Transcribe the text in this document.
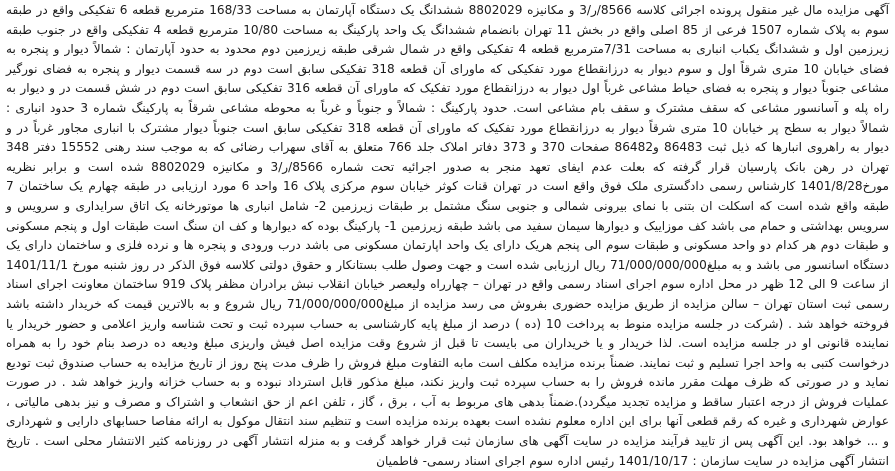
آگهی مزایده مال غیر منقول پرونده اجرائی کلاسه 8566/ر/3 و مکانیزه 8802029 ششدانگ یک دستگاه آپارتمان به مساحت 168/33 مترمربع قطعه 6 تفکیکی واقع در طبقه سوم به پلاک شماره 1507 فرعی از 85 اصلی واقع در بخش 11 تهران بانضمام ششدانگ یک واحد پارکینگ به مساحت 10/80 مترمربع قطعه 4 تفکیکی واقع در جنوب طبقه زیرزمین اول و ششدانگ یکباب انباری به مساحت 7/31مترمربع قطعه 4 تفکیکی واقع در شمال شرقی طبقه زیرزمین دوم محدود به حدود آپارتمان : شمالاً دیوار و پنجره به فضای خیابان 10 متری شرقاً اول و سوم دیوار به درزانقطاع مورد تفکیکی که ماورای آن قطعه 318 تفکیکی سابق است دوم در سه قسمت دیوار و پنجره به فضای نورگیر مشاعی جنوباً دیوار و پنجره به فضای حیاط مشاعی غرباً اول دیوار به درزانقطاع مورد تفکیک که ماورای آن قطعه 316 تفکیکی سابق است دوم در شش قسمت در و دیوار به راه پله و آسانسور مشاعی که سقف مشترک و سقف بام مشاعی است. حدود پارکینگ : شمالاً و جنوباً و غرباً به محوطه مشاعی شرقاً به پارکینگ شماره 3 حدود انباری : شمالاً دیوار به سطح پر خیابان 10 متری شرقاً دیوار به درزانقطاع مورد تفکیک که ماورای آن قطعه 318 تفکیکی سابق است جنوباً دیوار مشترک با انباری مجاور غرباً در و دیوار به راهروی انبارها که ذیل ثبت 86483 و86482 صفحات 370 و 373 دفاتر املاک جلد 766 متعلق به آقای سهراب رضائی که به موجب سند رهنی 15552 دفتر 348 تهران در رهن بانک پارسیان قرار گرفته که بعلت عدم ایفای تعهد منجر به صدور اجرائیه تحت شماره 8566/ر/3 و مکانیزه 8802029 شده است و برابر نظریه مورخ1401/8/28 کارشناس رسمی دادگستری ملک فوق واقع است در تهران قنات کوثر خیابان سوم مرکزی پلاک 16 واحد 6 مورد ارزیابی در طبقه چهارم یک ساختمان 7 طبقه واقع شده است که اسکلت ان بتنی با نمای بیرونی شمالی و جنوبی سنگ مشتمل بر طبقات زیرزمین 2- شامل انباری ها موتورخانه یک اتاق سرایداری و سرویس و سرویس بهداشتی و حمام می باشد کف موزاییک و دیوارها سیمان سفید می باشد طبقه زیرزمین 1- پارکینگ بوده که دیوارها و کف ان سنگ است طبقات اول و پنجم مسکونی و طبقات دوم هر کدام دو واحد مسکونی و طبقات سوم الی پنجم هریک دارای یک واحد اپارتمان مسکونی می باشد درب ورودی و پنجره ها و نرده فلزی و ساختمان دارای یک دستگاه اسانسور می باشد و به مبلغ71/000/000/000 ریال ارزیابی شده است و جهت وصول طلب بستانکار و حقوق دولتی کلاسه فوق الذکر در روز شنبه مورخ 1401/11/1 از ساعت 9 الی 12 ظهر در محل اداره سوم اجرای اسناد رسمی واقع در تهران – چهارراه ولیعصر خیابان انقلاب نبش برادران مظفر پلاک 919 ساختمان معاونت اجرای اسناد رسمی ثبت استان تهران – سالن مزایده از طریق مزایده حضوری بفروش می رسد مزایده از مبلغ71/000/000/000 ریال شروع و به بالاترین قیمت که خریدار داشته باشد فروخته خواهد شد . (شرکت در جلسه مزایده منوط به پرداخت 10 (ده ) درصد از مبلغ پایه کارشناسی به حساب سپرده ثبت و تحت شناسه واریز اعلامی و حضور خریدار یا نماینده قانونی او در جلسه مزایده است. لذا خریدار و یا خریداران می بایست تا قبل از شروع وقت مزایده اصل فیش واریزی مبلغ ودیعه ده درصد بنام خود را به همراه درخواست کتبی به واحد اجرا تسلیم و ثبت نمایند. ضمناً برنده مزایده مکلف است مابه التفاوت مبلغ فروش را ظرف مدت پنج روز از تاریخ مزایده به حساب صندوق ثبت تودیع نماید و در صورتی که ظرف مهلت مقرر مانده فروش را به حساب سپرده ثبت واریز نکند، مبلغ مذکور قابل استرداد نبوده و به حساب خزانه واریز خواهد شد . در صورت عملیات فروش از درجه اعتبار ساقط و مزایده تجدید میگردد).ضمناً بدهی های مربوط به آب ، برق ، گاز ، تلفن اعم از حق انشعاب و اشتراک و مصرف و نیز بدهی مالیاتی ، عوارض شهرداری و غیره که رقم قطعی آنها برای این اداره معلوم نشده است بعهده برنده مزایده است و تنظیم سند انتقال موکول به ارائه مفاصا حسابهای دارایی و شهرداری و ... خواهد بود. این آگهی پس از تایید فرآیند مزایده در سایت آگهی های سازمان ثبت قرار خواهد گرفت و به منزله انتشار آگهی در روزنامه کثیر الانتشار محلی است . تاریخ انتشار آگهی مزایده در سایت سازمان : 1401/10/17 رئیس اداره سوم اجرای اسناد رسمی- فاطمیان
